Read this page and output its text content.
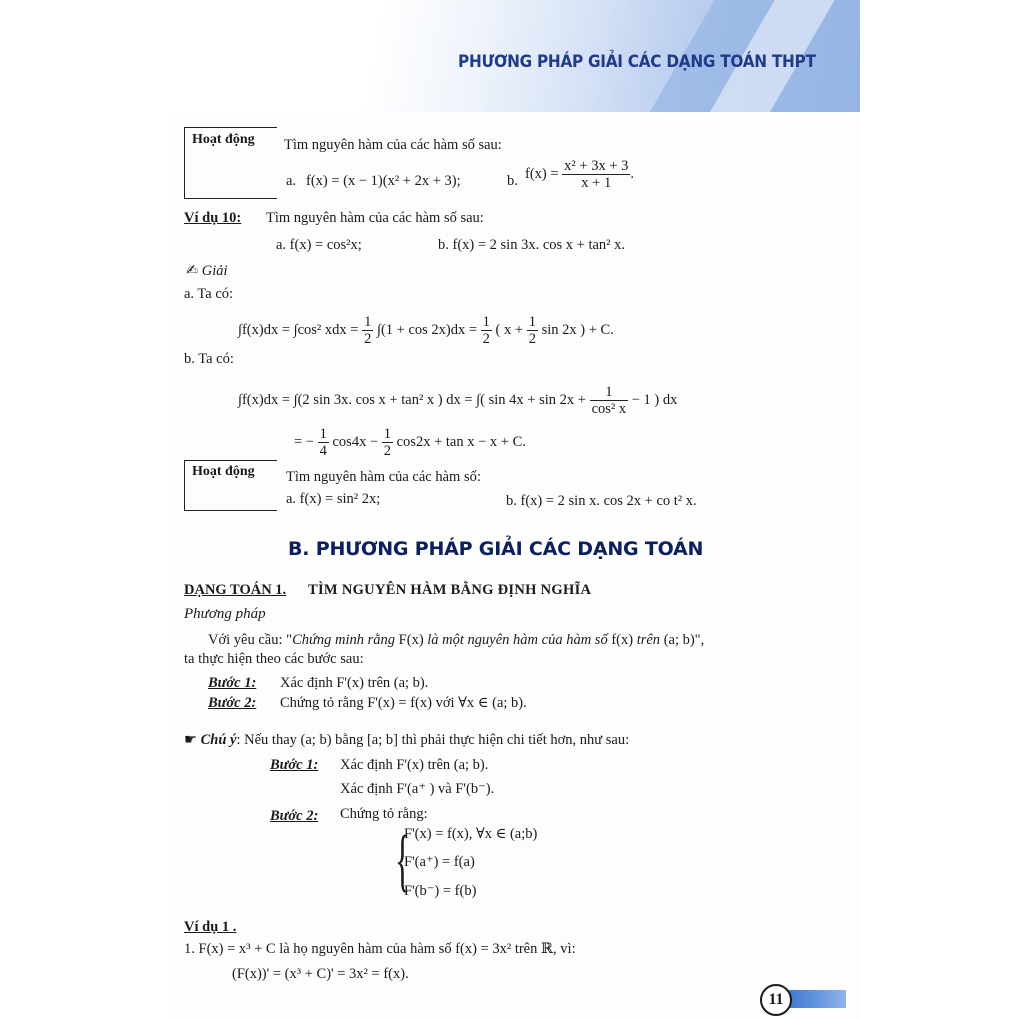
PHƯƠNG PHÁP GIẢI CÁC DẠNG TOÁN THPT
Hoạt động Tìm nguyên hàm của các hàm số sau:
a. f(x) = (x − 1)(x² + 2x + 3);	b. $f(x) = \frac{\text{x² + 3x + 3}}{x + 1}$ .
Ví dụ 10: Tìm nguyên hàm của các hàm số sau:
a. f(x) = cos²x;	b. f(x) = 2 sin 3x. cos x + tan² x.
✍ Giải
a. Ta có:
∫f(x)dx = ∫cos² xdx = $\frac{1}{2} \int(1 + \cos 2x)dx = \frac{1}{2}$ ( $x + \frac{1}{2}$ sin 2x ) + C.
b. Ta có:
∫f(x)dx = ∫(2 sin 3x. cos x + tan² x ) dx = ∫( $\sin 4x + \sin 2x + \frac{1}{\text{cos² x}} - 1$ ) dx
= − $\frac{1}{4} \cos 4x - \frac{1}{2} \cos 2x + \tan x - x + C$.
Hoạt động Tìm nguyên hàm của các hàm số:
a. f(x) = sin² 2x;	b. f(x) = 2 sin x. cos 2x + co t² x.
B. PHƯƠNG PHÁP GIẢI CÁC DẠNG TOÁN
DẠNG TOÁN 1. TÌM NGUYÊN HÀM BẰNG ĐỊNH NGHĨA
Phương pháp
Với yêu cầu: "Chứng minh rằng F(x) là một nguyên hàm của hàm số f(x) trên (a; b)",
ta thực hiện theo các bước sau:
Bước 1: Xác định F'(x) trên (a; b).
Bước 2: Chứng tỏ rằng F'(x) = f(x) với ∀x ∈ (a; b).
☛ Chú ý: Nếu thay (a; b) bằng [a; b] thì phải thực hiện chi tiết hơn, như sau:
Bước 1: Xác định F'(x) trên (a; b).
Xác định F'(a⁺ ) và F'(b⁻).
Bước 2: Chứng tỏ rằng:
{
F'(x) = f(x), ∀x ∈ (a;b)
F'(a⁺) = f(a)
F'(b⁻) = f(b)
Ví dụ 1 .
1. F(x) = x³ + C là họ nguyên hàm của hàm số f(x) = 3x² trên ℝ, vì:
(F(x))' = (x³ + C)' = 3x² = f(x).
11
